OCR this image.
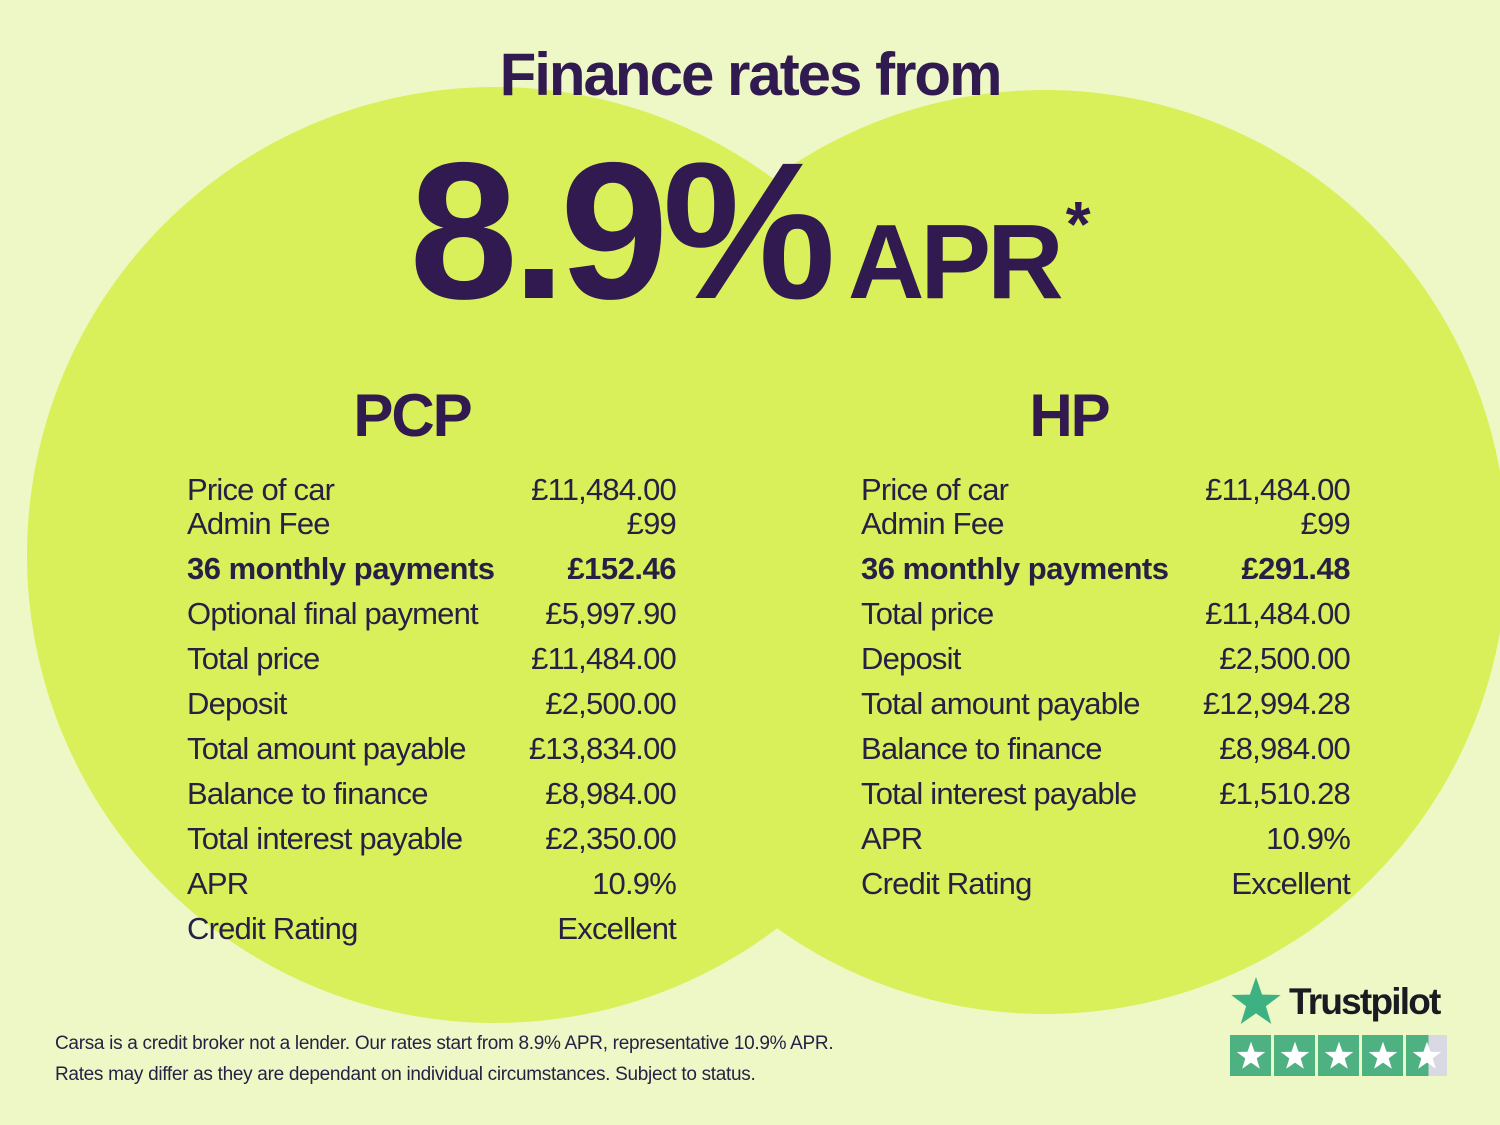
Finance rates from
8.9% APR *
PCP	HP
Price of car	£11,484.00
Admin Fee	£99
36 monthly payments £152.46
Optional final payment £5,997.90
Total price	£11,484.00
Deposit	£2,500.00
Total amount payable £13,834.00
Balance to finance	£8,984.00
Total interest payable	£2,350.00
APR	10.9%
Credit Rating	Excellent
Price of car	£11,484.00
Admin Fee	£99
36 monthly payments £291.48
Total price	£11,484.00
Deposit	£2,500.00
Total amount payable £12,994.28
Balance to finance	£8,984.00
Total interest payable	£1,510.28
APR	10.9%
Credit Rating	Excellent
Carsa is a credit broker not a lender. Our rates start from 8.9% APR, representative 10.9% APR.
Rates may differ as they are dependant on individual circumstances. Subject to status.
Trustpilot
